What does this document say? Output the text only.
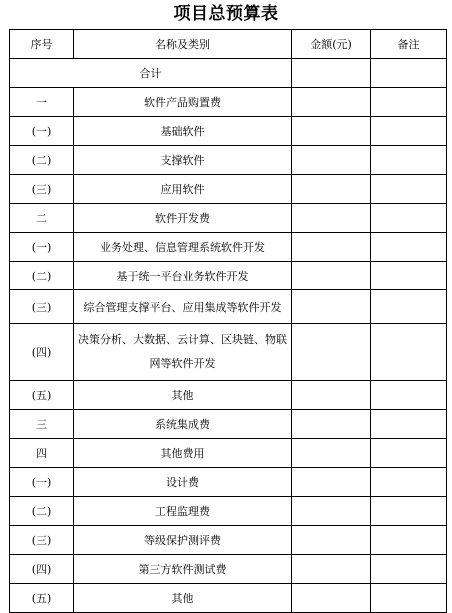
项目总预算表
序号	名称及类别	金额(元)	备注
合计			
一	软件产品购置费		
(一)	基础软件		
(二)	支撑软件		
(三)	应用软件		
二	软件开发费		
(一)	业务处理、信息管理系统软件开发		
(二)	基于统一平台业务软件开发		
(三)	综合管理支撑平台、应用集成等软件开发		
(四)	决策分析、大数据、云计算、区块链、物联网等软件开发		
(五)	其他		
三	系统集成费		
四	其他费用		
(一)	设计费		
(二)	工程监理费		
(三)	等级保护测评费		
(四)	第三方软件测试费		
(五)	其他		
